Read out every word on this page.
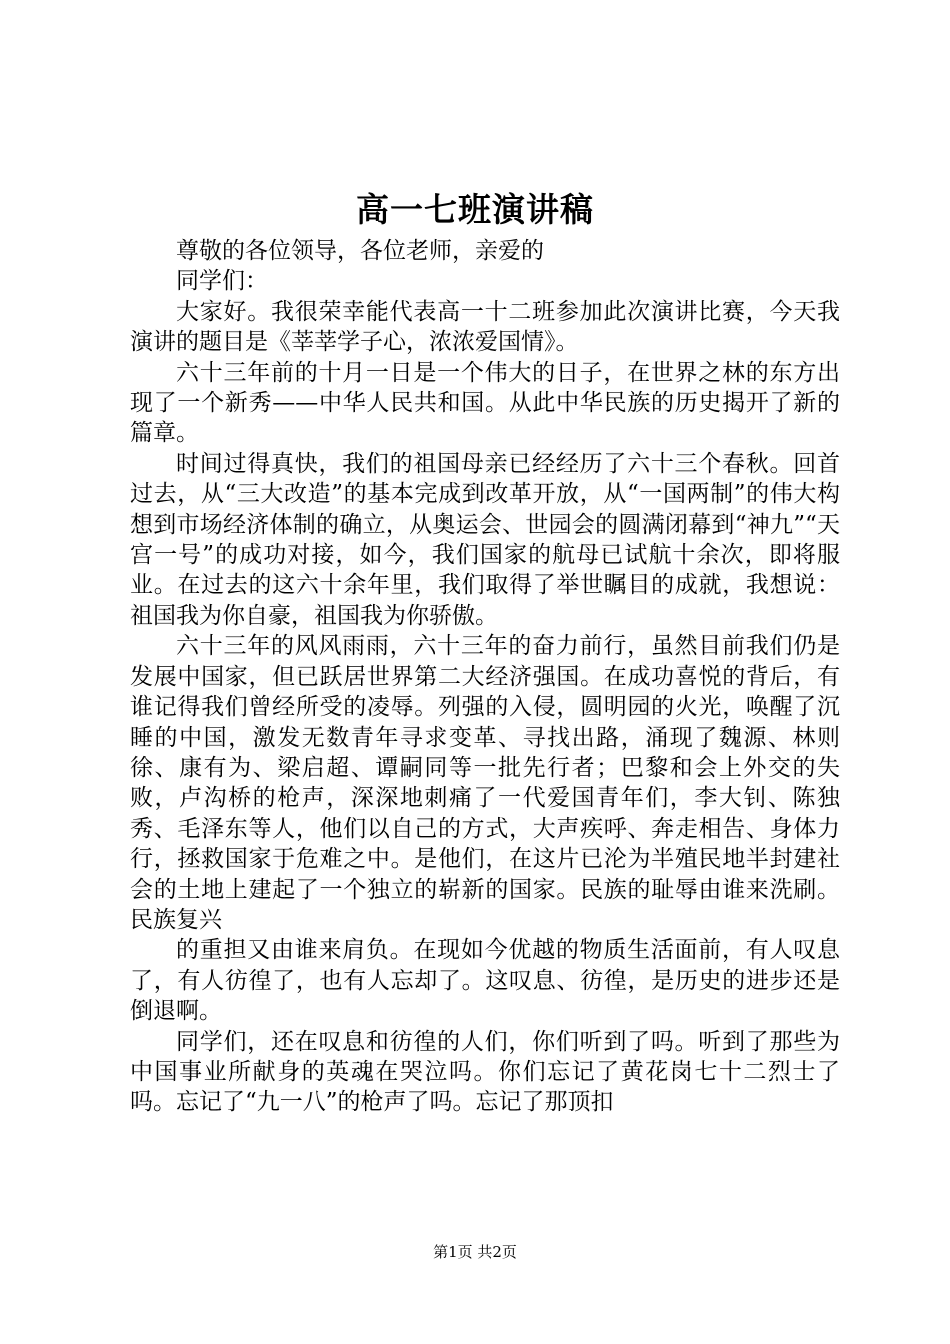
高一七班演讲稿

尊敬的各位领导，各位老师，亲爱的

同学们：

大家好。我很荣幸能代表高一十二班参加此次演讲比赛，今天我演讲的题目是《莘莘学子心，浓浓爱国情》。

六十三年前的十月一日是一个伟大的日子，在世界之林的东方出现了一个新秀——中华人民共和国。从此中华民族的历史揭开了新的篇章。

时间过得真快，我们的祖国母亲已经经历了六十三个春秋。回首过去，从“三大改造”的基本完成到改革开放，从“一国两制”的伟大构想到市场经济体制的确立，从奥运会、世园会的圆满闭幕到“神九”“天宫一号”的成功对接，如今，我们国家的航母已试航十余次，即将服业。在过去的这六十余年里，我们取得了举世瞩目的成就，我想说：祖国我为你自豪，祖国我为你骄傲。

六十三年的风风雨雨，六十三年的奋力前行，虽然目前我们仍是发展中国家，但已跃居世界第二大经济强国。在成功喜悦的背后，有谁记得我们曾经所受的凌辱。列强的入侵，圆明园的火光，唤醒了沉睡的中国，激发无数青年寻求变革、寻找出路，涌现了魏源、林则徐、康有为、梁启超、谭嗣同等一批先行者；巴黎和会上外交的失败，卢沟桥的枪声，深深地刺痛了一代爱国青年们，李大钊、陈独秀、毛泽东等人，他们以自己的方式，大声疾呼、奔走相告、身体力行，拯救国家于危难之中。是他们，在这片已沦为半殖民地半封建社会的土地上建起了一个独立的崭新的国家。民族的耻辱由谁来洗刷。民族复兴

的重担又由谁来肩负。在现如今优越的物质生活面前，有人叹息了，有人彷徨了，也有人忘却了。这叹息、彷徨，是历史的进步还是倒退啊。

同学们，还在叹息和彷徨的人们，你们听到了吗。听到了那些为中国事业所献身的英魂在哭泣吗。你们忘记了黄花岗七十二烈士了吗。忘记了“九一八”的枪声了吗。忘记了那顶扣

第1页 共2页
